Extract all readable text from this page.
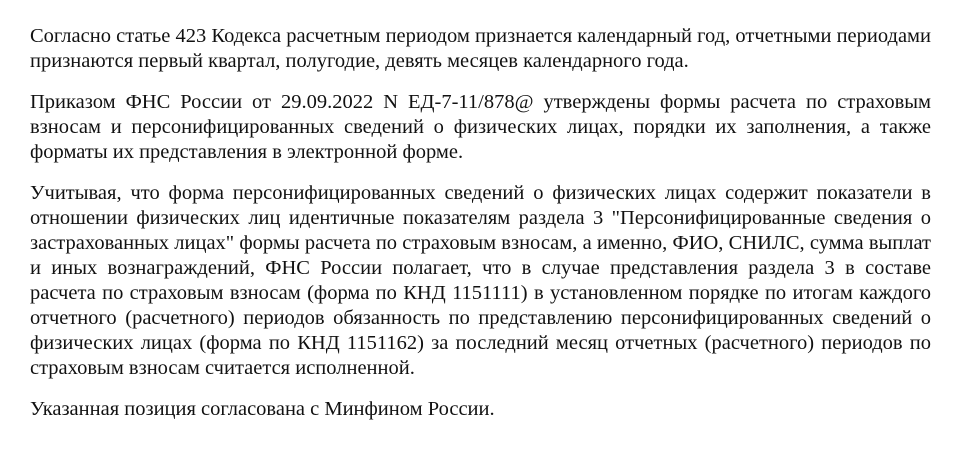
Согласно статье 423 Кодекса расчетным периодом признается календарный год, отчетными периодами признаются первый квартал, полугодие, девять месяцев календарного года.

Приказом ФНС России от 29.09.2022 N ЕД-7-11/878@ утверждены формы расчета по страховым взносам и персонифицированных сведений о физических лицах, порядки их заполнения, а также форматы их представления в электронной форме.

Учитывая, что форма персонифицированных сведений о физических лицах содержит показатели в отношении физических лиц идентичные показателям раздела 3 "Персонифицированные сведения о застрахованных лицах" формы расчета по страховым взносам, а именно, ФИО, СНИЛС, сумма выплат и иных вознаграждений, ФНС России полагает, что в случае представления раздела 3 в составе расчета по страховым взносам (форма по КНД 1151111) в установленном порядке по итогам каждого отчетного (расчетного) периодов обязанность по представлению персонифицированных сведений о физических лицах (форма по КНД 1151162) за последний месяц отчетных (расчетного) периодов по страховым взносам считается исполненной.

Указанная позиция согласована с Минфином России.
